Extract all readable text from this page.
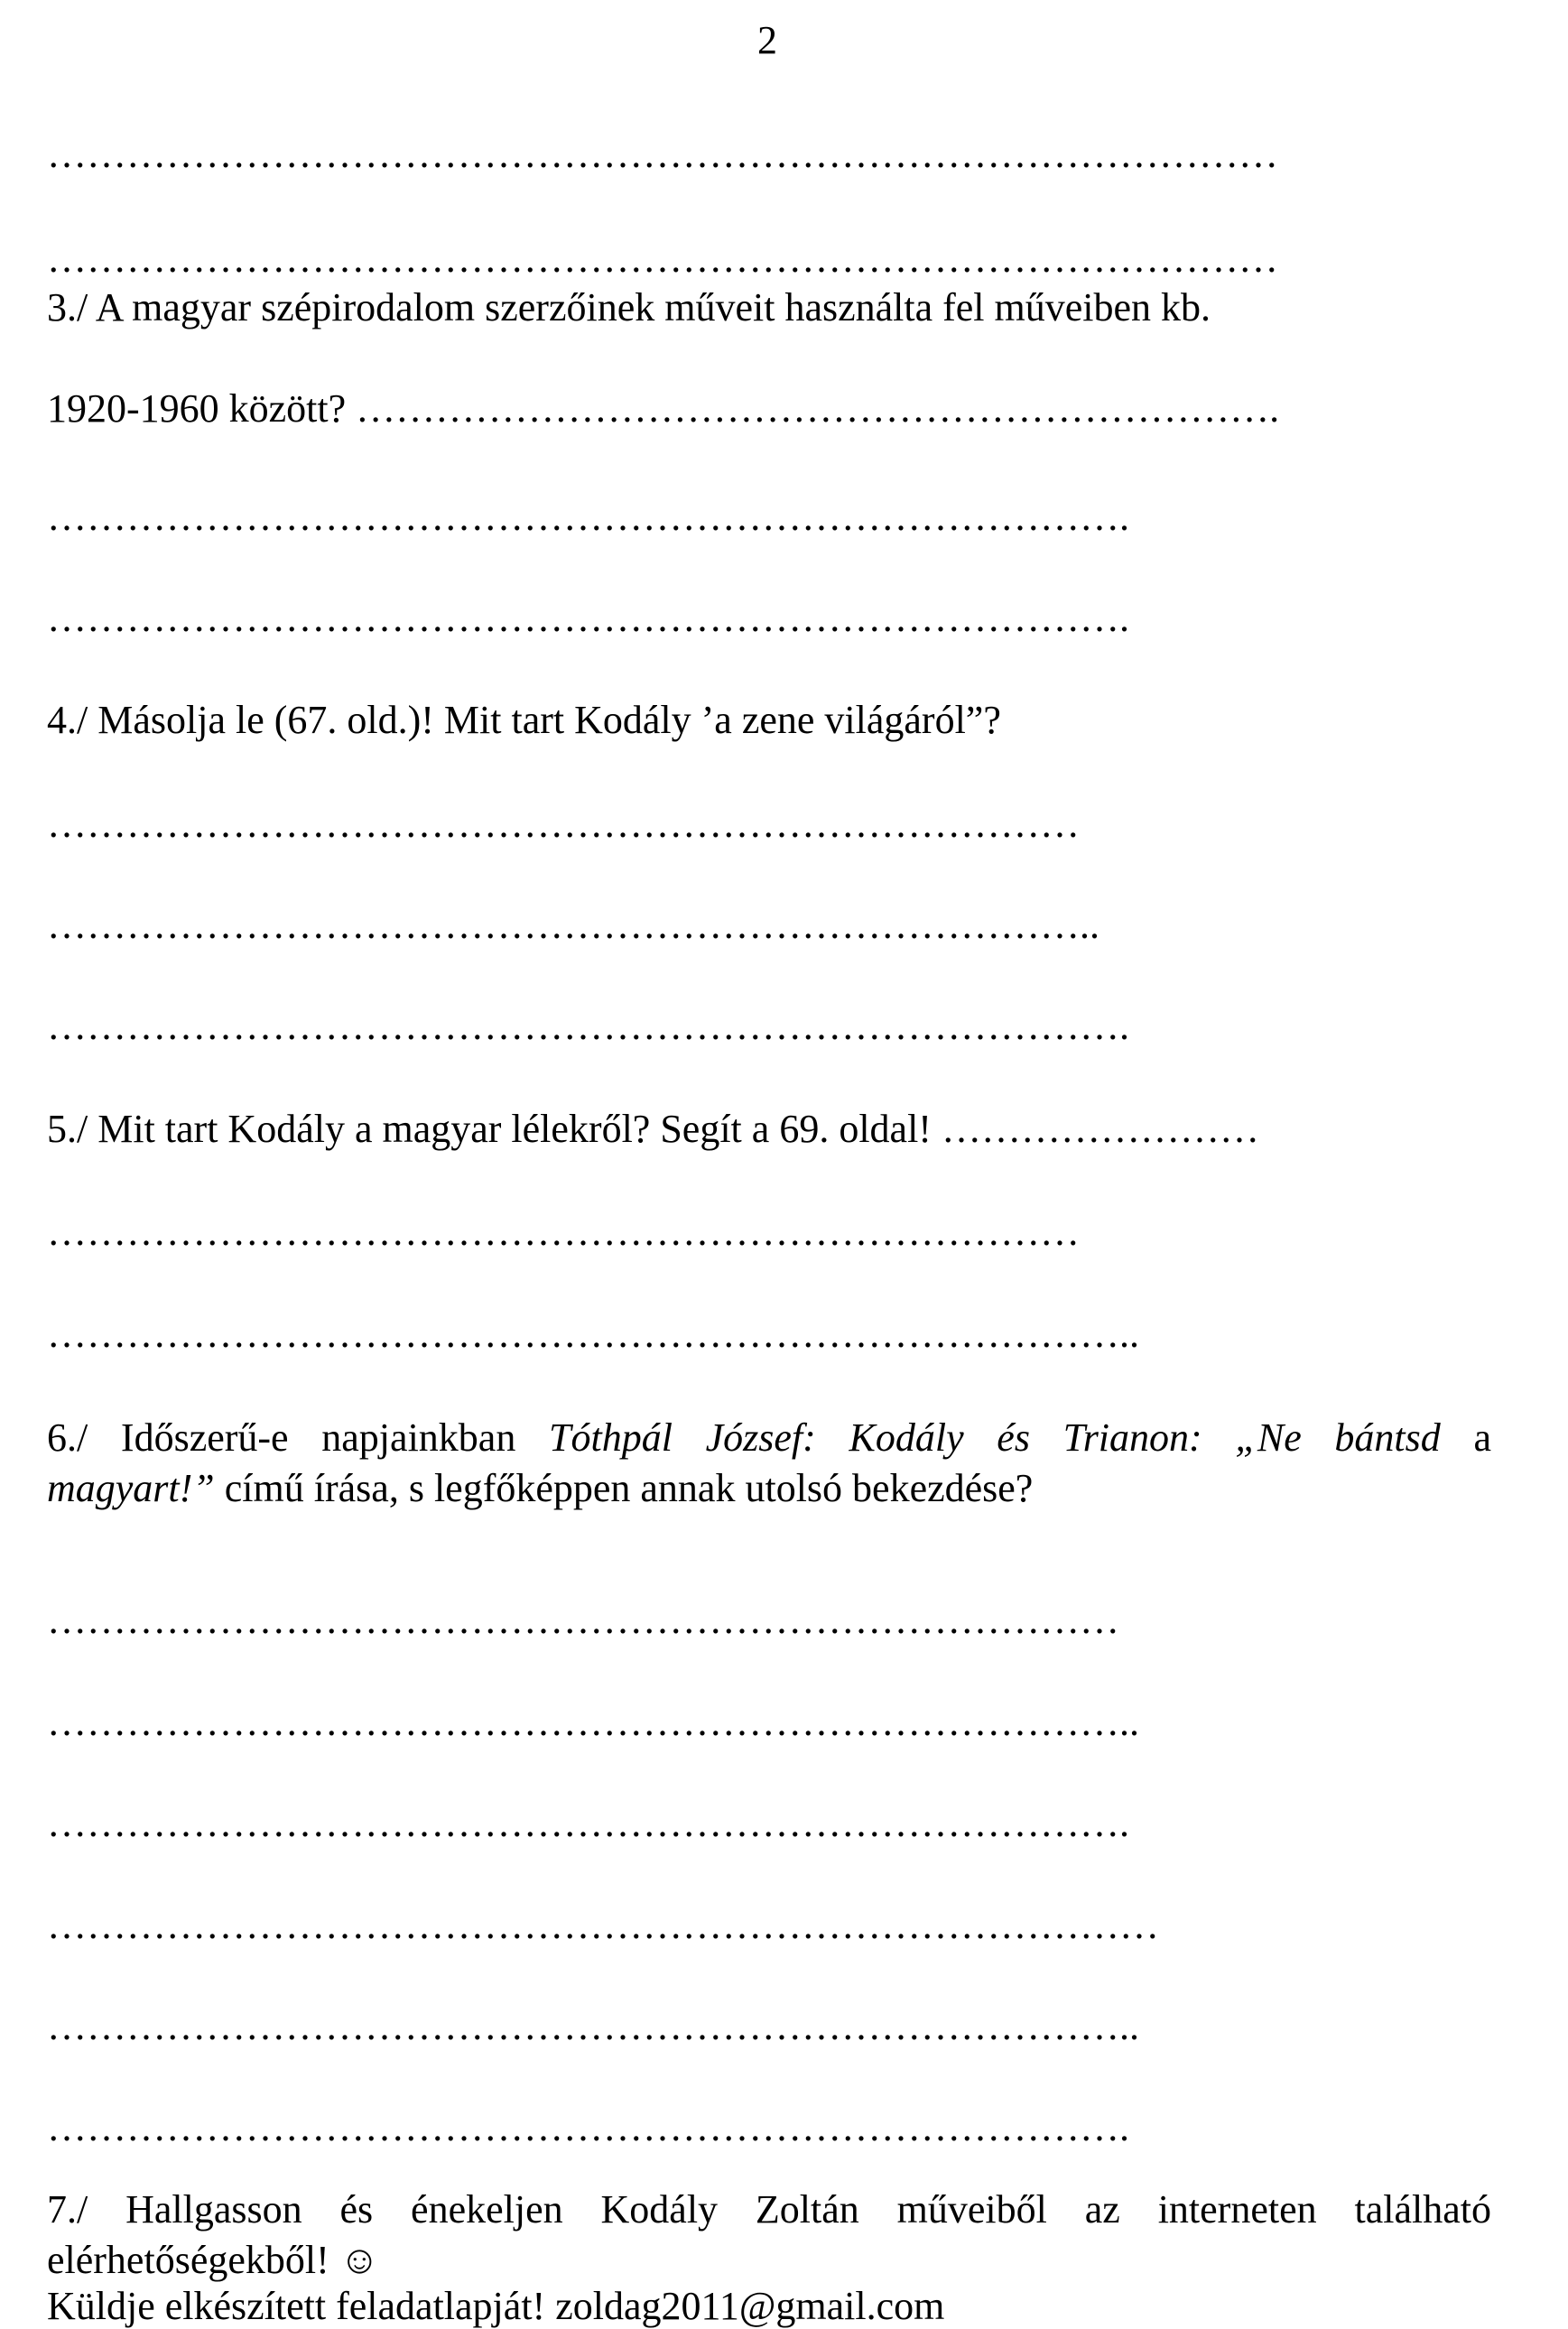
2
…………………………………………………………………………………
…………………………………………………………………………………
3./ A magyar szépirodalom szerzőinek műveit használta fel műveiben kb.
1920-1960 között? …………………………………………………………….
……………………………………………………………………….
……………………………………………………………………….
4./ Másolja le (67. old.)! Mit tart Kodály ’a zene világáról”?
……………………………………………………………………
……………………………………………………………………..
……………………………………………………………………….
5./ Mit tart Kodály a magyar lélekről? Segít a 69. oldal! ……………………
……………………………………………………………………
………………………………………………………………………..
6./ Időszerű-e napjainkban Tóthpál József: Kodály és Trianon: „Ne bántsd a
magyart!” című írása, s legfőképpen annak utolsó bekezdése?
………………………………………………………………………
………………………………………………………………………..
……………………………………………………………………….
…………………………………………………………………………
………………………………………………………………………..
……………………………………………………………………….
7./ Hallgasson és énekeljen Kodály Zoltán műveiből az interneten található
elérhetőségekből! ☺
Küldje elkészített feladatlapját! zoldag2011@gmail.com
